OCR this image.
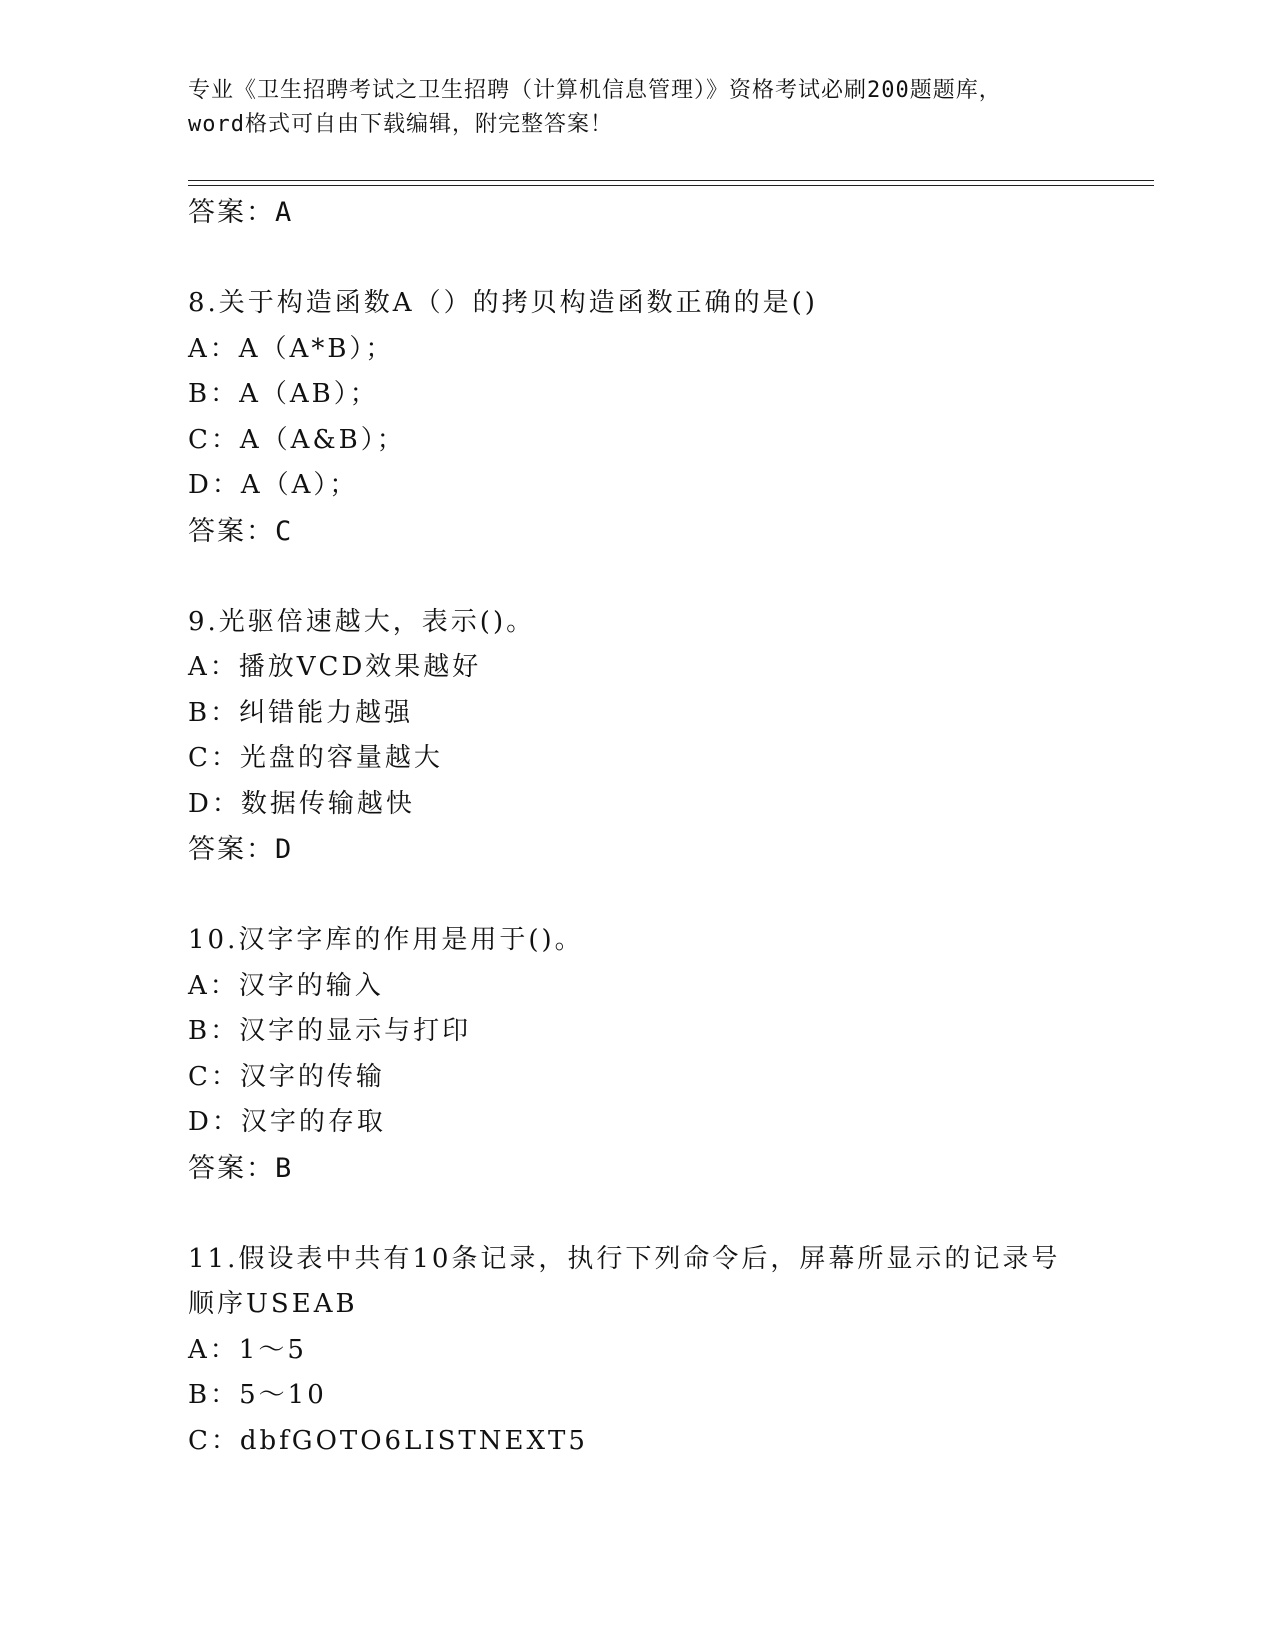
专业《卫生招聘考试之卫生招聘（计算机信息管理）》资格考试必刷200题题库，
word格式可自由下载编辑，附完整答案！
答案：A
8.关于构造函数A（）的拷贝构造函数正确的是()
A：A（A*B）；
B：A（AB）；
C：A（A&B）；
D：A（A）；
答案：C
9.光驱倍速越大，表示()。
A：播放VCD效果越好
B：纠错能力越强
C：光盘的容量越大
D：数据传输越快
答案：D
10.汉字字库的作用是用于()。
A：汉字的输入
B：汉字的显示与打印
C：汉字的传输
D：汉字的存取
答案：B
11.假设表中共有10条记录，执行下列命令后，屏幕所显示的记录号
顺序USEAB
A：1～5
B：5～10
C：dbfGOTO6LISTNEXT5
